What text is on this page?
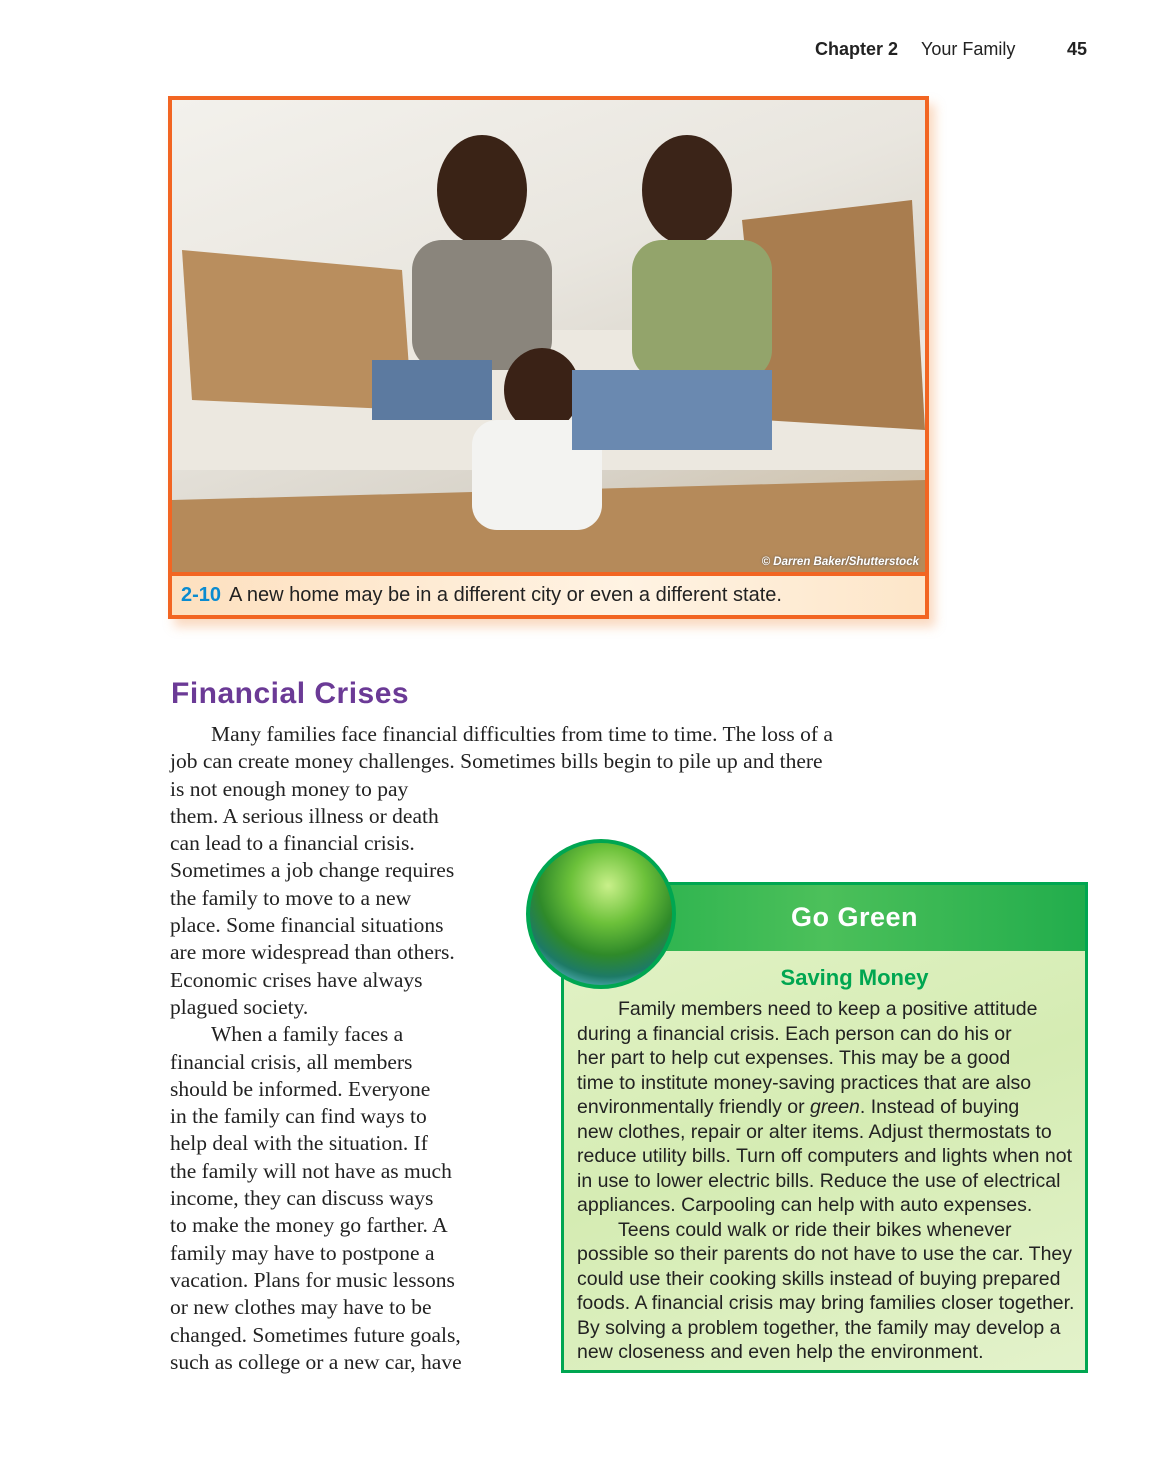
Chapter 2 Your Family	45
© Darren Baker/Shutterstock
2-10 A new home may be in a different city or even a different state.
Financial Crises
Many families face financial difficulties from time to time. The loss of a
job can create money challenges. Sometimes bills begin to pile up and there
is not enough money to pay
them. A serious illness or death
can lead to a financial crisis.
Sometimes a job change requires
the family to move to a new
place. Some financial situations
are more widespread than others.
Economic crises have always
plagued society.
When a family faces a
financial crisis, all members
should be informed. Everyone
in the family can find ways to
help deal with the situation. If
the family will not have as much
income, they can discuss ways
to make the money go farther. A
family may have to postpone a
vacation. Plans for music lessons
or new clothes may have to be
changed. Sometimes future goals,
such as college or a new car, have
Go Green
Saving Money
Family members need to keep a positive attitude
during a financial crisis. Each person can do his or
her part to help cut expenses. This may be a good
time to institute money-saving practices that are also
environmentally friendly or green. Instead of buying
new clothes, repair or alter items. Adjust thermostats to
reduce utility bills. Turn off computers and lights when not
in use to lower electric bills. Reduce the use of electrical
appliances. Carpooling can help with auto expenses.
Teens could walk or ride their bikes whenever
possible so their parents do not have to use the car. They
could use their cooking skills instead of buying prepared
foods. A financial crisis may bring families closer together.
By solving a problem together, the family may develop a
new closeness and even help the environment.
